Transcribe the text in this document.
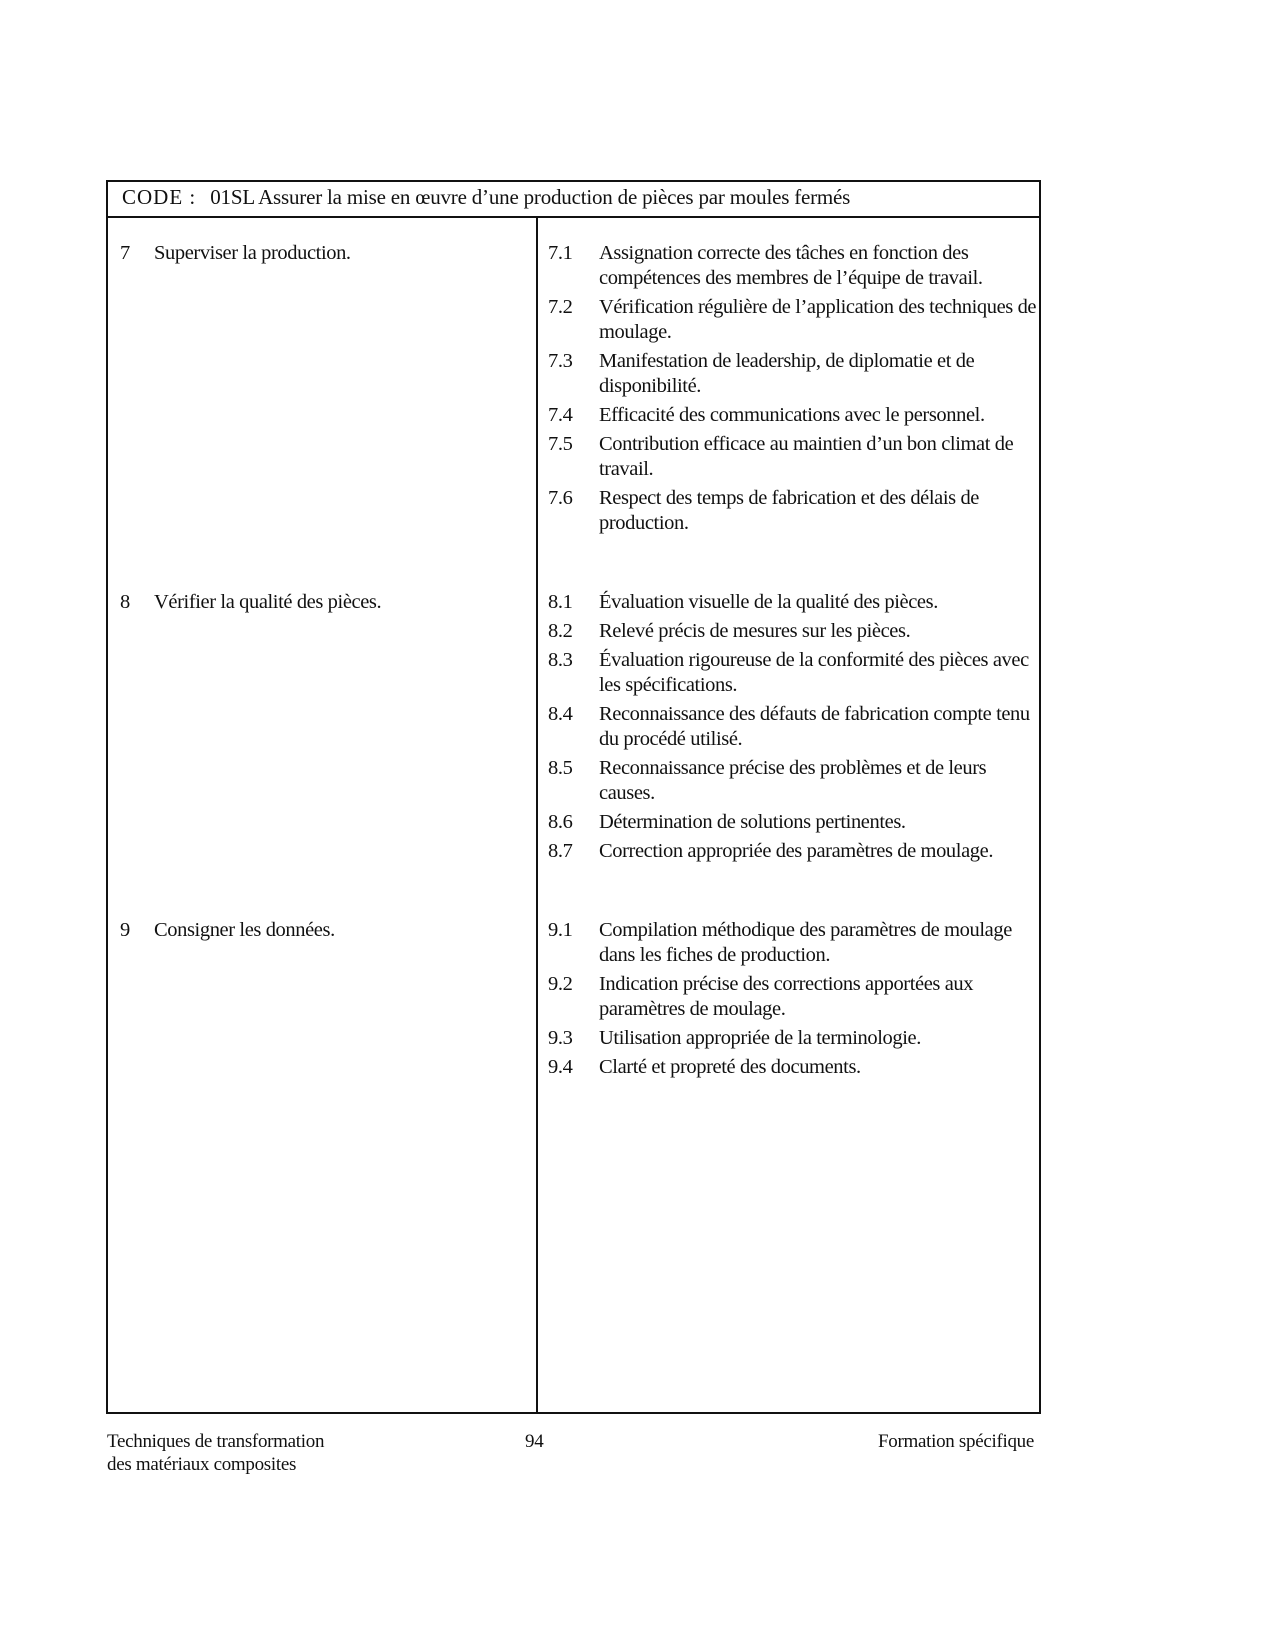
CODE : 01SL Assurer la mise en œuvre d’une production de pièces par moules fermés
7	Superviser la production.	7.1	Assignation correcte des tâches en fonction des compétences des membres de l’équipe de travail.
7.2	Vérification régulière de l’application des techniques de moulage.
7.3	Manifestation de leadership, de diplomatie et de disponibilité.
7.4	Efficacité des communications avec le personnel.
7.5	Contribution efficace au maintien d’un bon climat de travail.
7.6	Respect des temps de fabrication et des délais de production.
8	Vérifier la qualité des pièces.	8.1	Évaluation visuelle de la qualité des pièces.
8.2	Relevé précis de mesures sur les pièces.
8.3	Évaluation rigoureuse de la conformité des pièces avec les spécifications.
8.4	Reconnaissance des défauts de fabrication compte tenu du procédé utilisé.
8.5	Reconnaissance précise des problèmes et de leurs causes.
8.6	Détermination de solutions pertinentes.
8.7	Correction appropriée des paramètres de moulage.
9	Consigner les données.	9.1	Compilation méthodique des paramètres de moulage dans les fiches de production.
9.2	Indication précise des corrections apportées aux paramètres de moulage.
9.3	Utilisation appropriée de la terminologie.
9.4	Clarté et propreté des documents.
Techniques de transformation
des matériaux composites
94	Formation spécifique
